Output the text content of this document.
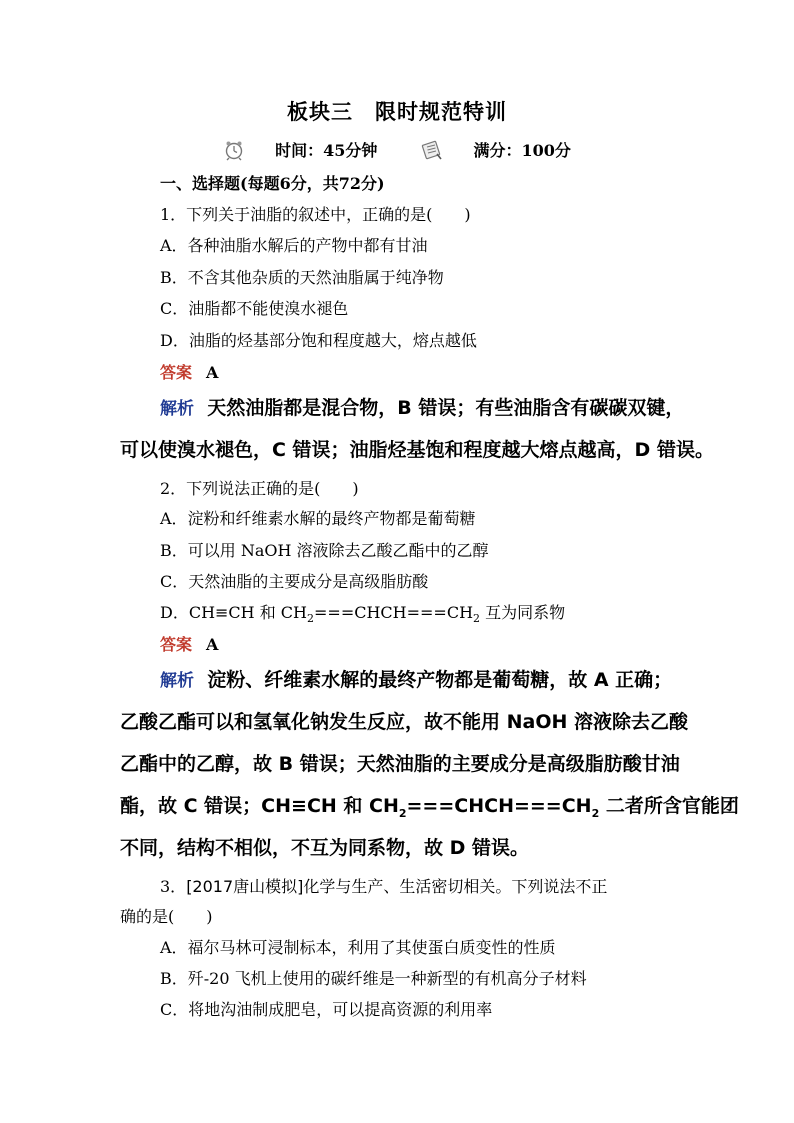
板块三　限时规范特训
时间：45分钟	满分：100分
一、选择题(每题6分，共72分)
1．下列关于油脂的叙述中，正确的是(　　)
A．各种油脂水解后的产物中都有甘油
B．不含其他杂质的天然油脂属于纯净物
C．油脂都不能使溴水褪色
D．油脂的烃基部分饱和程度越大，熔点越低
答案 A
解析 天然油脂都是混合物，B 错误；有些油脂含有碳碳双键，
可以使溴水褪色，C 错误；油脂烃基饱和程度越大熔点越高，D 错误。
2．下列说法正确的是(　　)
A．淀粉和纤维素水解的最终产物都是葡萄糖
B．可以用 NaOH 溶液除去乙酸乙酯中的乙醇
C．天然油脂的主要成分是高级脂肪酸
D．CH≡CH 和 $CH_2===CHCH===CH_2$ 互为同系物
答案 A
解析 淀粉、纤维素水解的最终产物都是葡萄糖，故 A 正确；
乙酸乙酯可以和氢氧化钠发生反应，故不能用 NaOH 溶液除去乙酸
乙酯中的乙醇，故 B 错误；天然油脂的主要成分是高级脂肪酸甘油
酯，故 C 错误；CH≡CH 和 $CH_2===CHCH===CH_2$ 二者所含官能团
不同，结构不相似，不互为同系物，故 D 错误。
3．[2017唐山模拟]化学与生产、生活密切相关。下列说法不正
确的是(　　)
A．福尔马林可浸制标本，利用了其使蛋白质变性的性质
B．歼-20 飞机上使用的碳纤维是一种新型的有机高分子材料
C．将地沟油制成肥皂，可以提高资源的利用率
